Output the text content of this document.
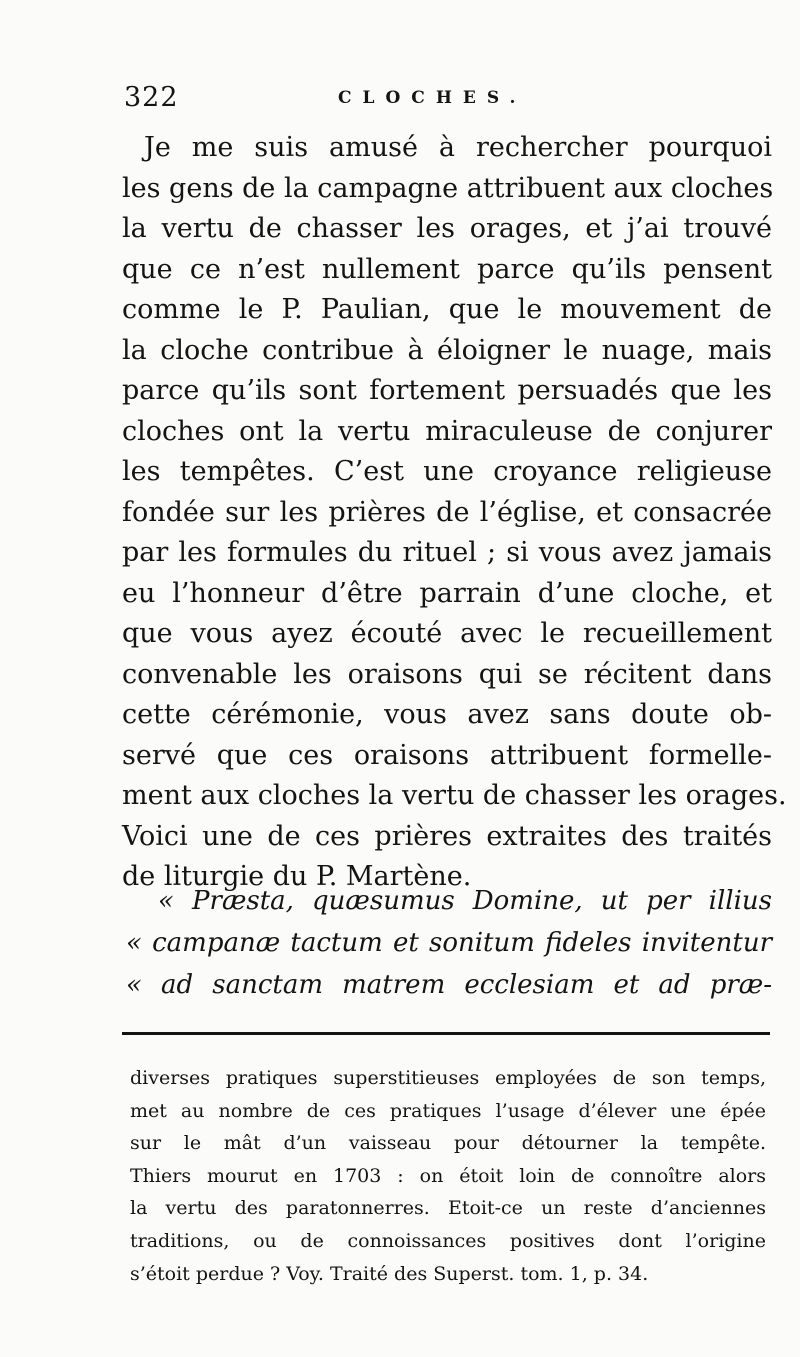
322	CLOCHES.
Je me suis amusé à rechercher pourquoi
les gens de la campagne attribuent aux cloches
la vertu de chasser les orages, et j’ai trouvé
que ce n’est nullement parce qu’ils pensent
comme le P. Paulian, que le mouvement de
la cloche contribue à éloigner le nuage, mais
parce qu’ils sont fortement persuadés que les
cloches ont la vertu miraculeuse de conjurer
les tempêtes. C’est une croyance religieuse
fondée sur les prières de l’église, et consacrée
par les formules du rituel ; si vous avez jamais
eu l’honneur d’être parrain d’une cloche, et
que vous ayez écouté avec le recueillement
convenable les oraisons qui se récitent dans
cette cérémonie, vous avez sans doute ob-
servé que ces oraisons attribuent formelle-
ment aux cloches la vertu de chasser les orages.
Voici une de ces prières extraites des traités
de liturgie du P. Martène.
« Præsta, quæsumus Domine, ut per illius
« campanæ tactum et sonitum fideles invitentur
« ad sanctam matrem ecclesiam et ad præ-
diverses pratiques superstitieuses employées de son temps,
met au nombre de ces pratiques l’usage d’élever une épée
sur le mât d’un vaisseau pour détourner la tempête.
Thiers mourut en 1703 : on étoit loin de connoître alors
la vertu des paratonnerres. Etoit-ce un reste d’anciennes
traditions, ou de connoissances positives dont l’origine
s’étoit perdue ? Voy. Traité des Superst. tom. 1, p. 34.
